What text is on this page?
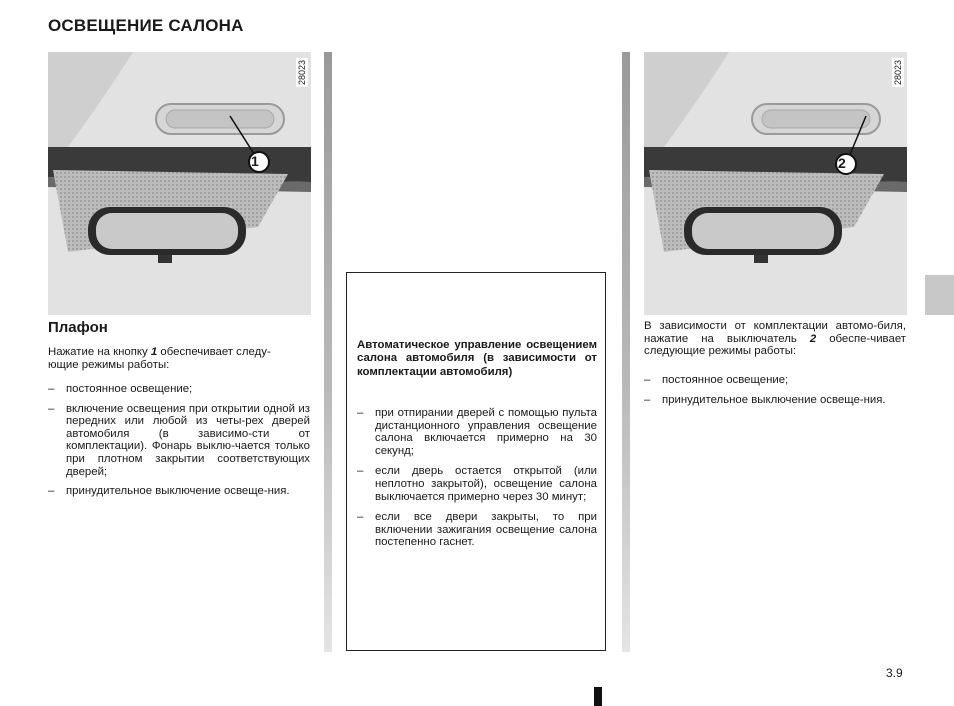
ОСВЕЩЕНИЕ САЛОНА
1
28023
2
28023
Плафон
Нажатие на кнопку 1 обеспечивает следу-
ющие режимы работы:
– постоянное освещение;
– включение освещения при открытии одной из передних или любой из четы-рех дверей автомобиля (в зависимо-сти от комплектации). Фонарь выклю-чается только при плотном закрытии соответствующих дверей;
– принудительное выключение освеще-ния.
Автоматическое управление освещением салона автомобиля (в зависимости от комплектации автомобиля)
– при отпирании дверей с помощью пульта дистанционного управления освещение салона включается примерно на 30 секунд;
– если дверь остается открытой (или неплотно закрытой), освещение салона выключается примерно через 30 минут;
– если все двери закрыты, то при включении зажигания освещение салона постепенно гаснет.
В зависимости от комплектации автомо-биля, нажатие на выключатель 2 обеспе-чивает следующие режимы работы:
– постоянное освещение;
– принудительное выключение освеще-ния.
3.9
